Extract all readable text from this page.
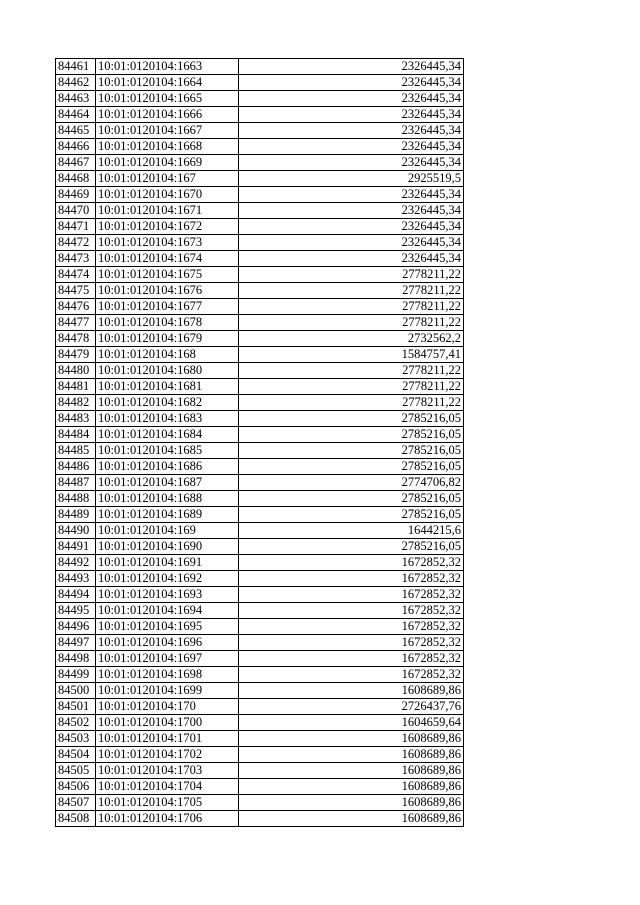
84461	10:01:0120104:1663	2326445,34
84462	10:01:0120104:1664	2326445,34
84463	10:01:0120104:1665	2326445,34
84464	10:01:0120104:1666	2326445,34
84465	10:01:0120104:1667	2326445,34
84466	10:01:0120104:1668	2326445,34
84467	10:01:0120104:1669	2326445,34
84468	10:01:0120104:167	2925519,5
84469	10:01:0120104:1670	2326445,34
84470	10:01:0120104:1671	2326445,34
84471	10:01:0120104:1672	2326445,34
84472	10:01:0120104:1673	2326445,34
84473	10:01:0120104:1674	2326445,34
84474	10:01:0120104:1675	2778211,22
84475	10:01:0120104:1676	2778211,22
84476	10:01:0120104:1677	2778211,22
84477	10:01:0120104:1678	2778211,22
84478	10:01:0120104:1679	2732562,2
84479	10:01:0120104:168	1584757,41
84480	10:01:0120104:1680	2778211,22
84481	10:01:0120104:1681	2778211,22
84482	10:01:0120104:1682	2778211,22
84483	10:01:0120104:1683	2785216,05
84484	10:01:0120104:1684	2785216,05
84485	10:01:0120104:1685	2785216,05
84486	10:01:0120104:1686	2785216,05
84487	10:01:0120104:1687	2774706,82
84488	10:01:0120104:1688	2785216,05
84489	10:01:0120104:1689	2785216,05
84490	10:01:0120104:169	1644215,6
84491	10:01:0120104:1690	2785216,05
84492	10:01:0120104:1691	1672852,32
84493	10:01:0120104:1692	1672852,32
84494	10:01:0120104:1693	1672852,32
84495	10:01:0120104:1694	1672852,32
84496	10:01:0120104:1695	1672852,32
84497	10:01:0120104:1696	1672852,32
84498	10:01:0120104:1697	1672852,32
84499	10:01:0120104:1698	1672852,32
84500	10:01:0120104:1699	1608689,86
84501	10:01:0120104:170	2726437,76
84502	10:01:0120104:1700	1604659,64
84503	10:01:0120104:1701	1608689,86
84504	10:01:0120104:1702	1608689,86
84505	10:01:0120104:1703	1608689,86
84506	10:01:0120104:1704	1608689,86
84507	10:01:0120104:1705	1608689,86
84508	10:01:0120104:1706	1608689,86
